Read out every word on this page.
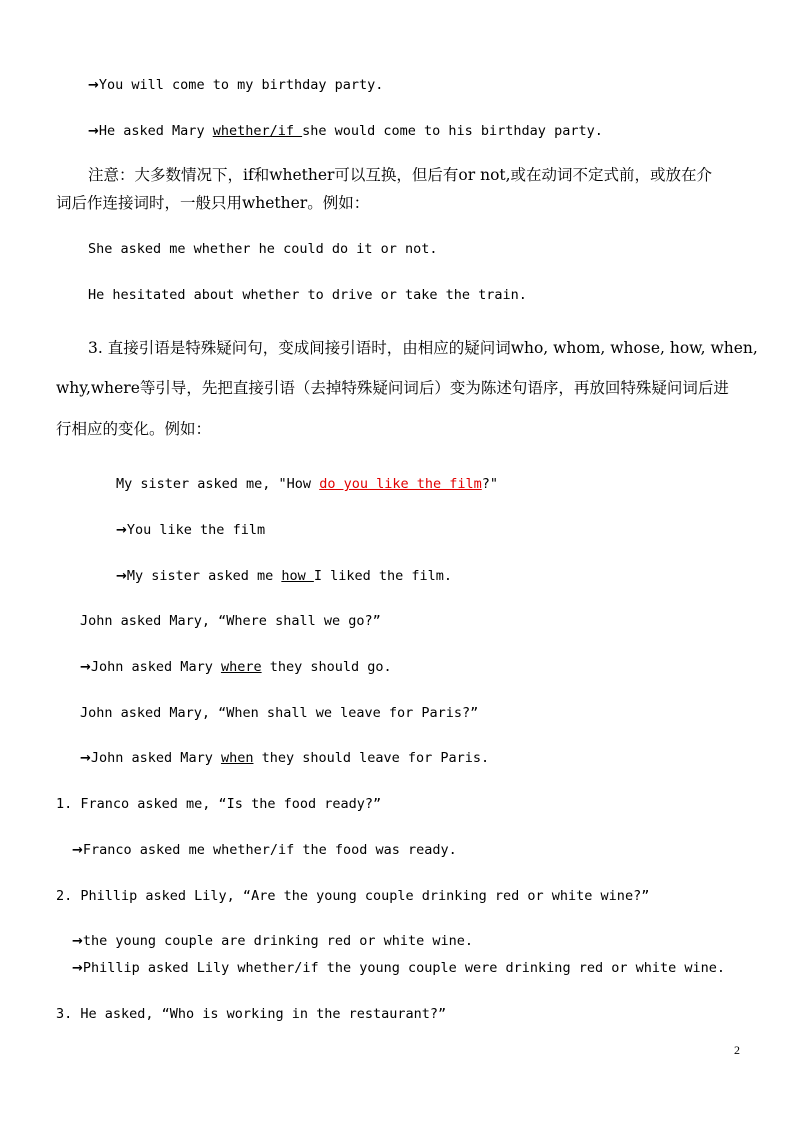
→You will come to my birthday party.
→He asked Mary whether/if she would come to his birthday party.
注意：大多数情况下，if和whether可以互换，但后有or not,或在动词不定式前，或放在介
词后作连接词时，一般只用whether。例如：
She asked me whether he could do it or not.
He hesitated about whether to drive or take the train.
3. 直接引语是特殊疑问句，变成间接引语时，由相应的疑问词who, whom, whose, how, when,
why,where等引导，先把直接引语（去掉特殊疑问词后）变为陈述句语序，再放回特殊疑问词后进
行相应的变化。例如：
My sister asked me, "How do you like the film?"
→You like the film
→My sister asked me how I liked the film.
John asked Mary, “Where shall we go?”
→John asked Mary where they should go.
John asked Mary, “When shall we leave for Paris?”
→John asked Mary when they should leave for Paris.
1. Franco asked me, “Is the food ready?”
→Franco asked me whether/if the food was ready.
2. Phillip asked Lily, “Are the young couple drinking red or white wine?”
→the young couple are drinking red or white wine.
→Phillip asked Lily whether/if the young couple were drinking red or white wine.
3. He asked, “Who is working in the restaurant?”
2
